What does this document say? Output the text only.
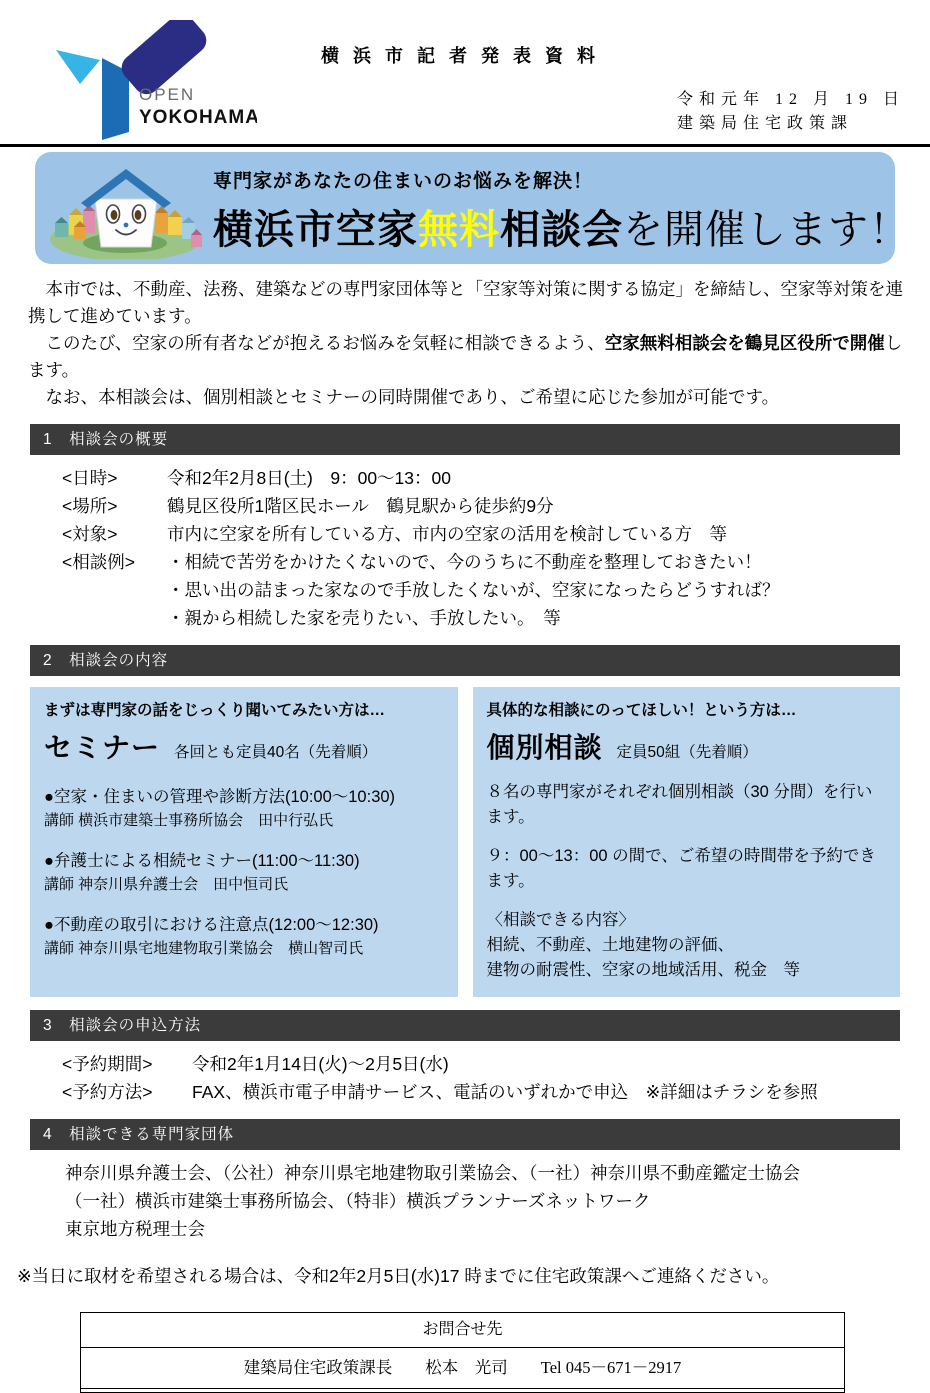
OPEN
YOKOHAMA
横浜市記者発表資料
令和元年 12 月 19 日
建築局住宅政策課
専門家があなたの住まいのお悩みを解決！
横浜市空家無料相談会を開催します！

　本市では、不動産、法務、建築などの専門家団体等と「空家等対策に関する協定」を締結し、空家等対策を連携して進めています。

　このたび、空家の所有者などが抱えるお悩みを気軽に相談できるよう、空家無料相談会を鶴見区役所で開催します。

　なお、本相談会は、個別相談とセミナーの同時開催であり、ご希望に応じた参加が可能です。

1　相談会の概要
<日時>	令和2年2月8日(土)　9：00～13：00
<場所>	鶴見区役所1階区民ホール　鶴見駅から徒歩約9分
<対象>	市内に空家を所有している方、市内の空家の活用を検討している方　等
<相談例>	・相続で苦労をかけたくないので、今のうちに不動産を整理しておきたい！
・思い出の詰まった家なので手放したくないが、空家になったらどうすれば？
・親から相続した家を売りたい、手放したい。　等
2　相談会の内容
まずは専門家の話をじっくり聞いてみたい方は…
セミナー 各回とも定員40名（先着順）
●空家・住まいの管理や診断方法(10:00～10:30)
講師 横浜市建築士事務所協会　田中行弘氏
●弁護士による相続セミナー(11:00～11:30)
講師 神奈川県弁護士会　田中恒司氏
●不動産の取引における注意点(12:00～12:30)
講師 神奈川県宅地建物取引業協会　横山智司氏
具体的な相談にのってほしい！という方は…
個別相談 定員50組（先着順）
８名の専門家がそれぞれ個別相談（30 分間）を行います。
９：00～13：00 の間で、ご希望の時間帯を予約できます。
〈相談できる内容〉
相続、不動産、土地建物の評価、
建物の耐震性、空家の地域活用、税金　等
3　相談会の申込方法
<予約期間>	令和2年1月14日(火)～2月5日(水)
<予約方法>	FAX、横浜市電子申請サービス、電話のいずれかで申込　※詳細はチラシを参照
4　相談できる専門家団体
神奈川県弁護士会、（公社）神奈川県宅地建物取引業協会、（一社）神奈川県不動産鑑定士協会
（一社）横浜市建築士事務所協会、（特非）横浜プランナーズネットワーク
東京地方税理士会
※当日に取材を希望される場合は、令和2年2月5日(水)17 時までに住宅政策課へご連絡ください。
お問合せ先
建築局住宅政策課長　　松本　光司　　Tel 045－671－2917
